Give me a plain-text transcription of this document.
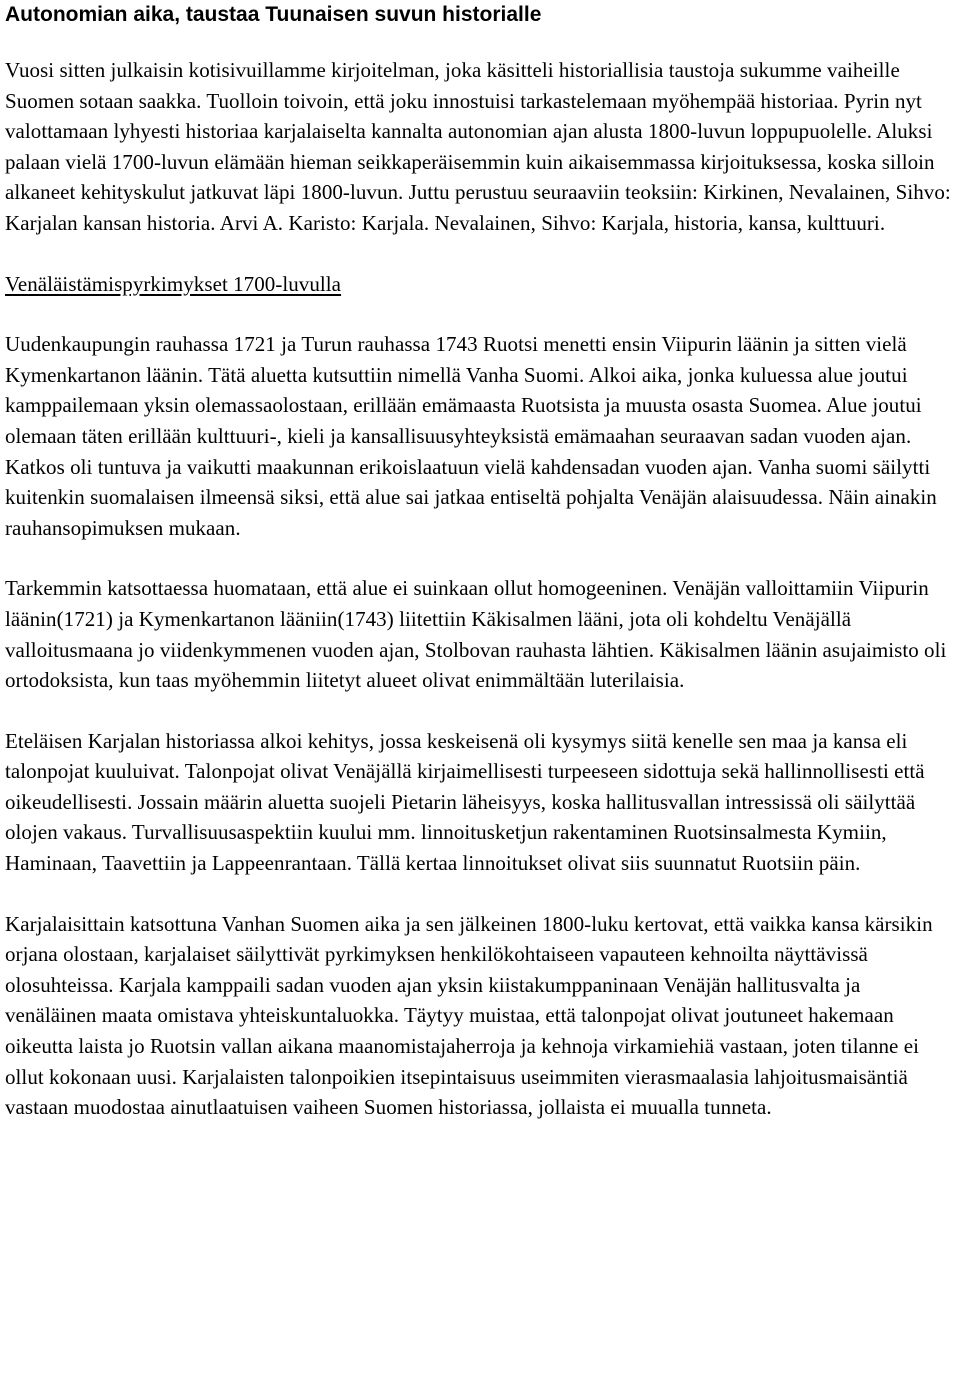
Autonomian aika, taustaa Tuunaisen suvun historialle

Vuosi sitten julkaisin kotisivuillamme kirjoitelman, joka käsitteli historiallisia taustoja sukumme vaiheille Suomen sotaan saakka. Tuolloin toivoin, että joku innostuisi tarkastelemaan myöhempää historiaa. Pyrin nyt valottamaan lyhyesti historiaa karjalaiselta kannalta autonomian ajan alusta 1800-luvun loppupuolelle. Aluksi palaan vielä 1700-luvun elämään hieman seikkaperäisemmin kuin aikaisemmassa kirjoituksessa, koska silloin alkaneet kehityskulut jatkuvat läpi 1800-luvun. Juttu perustuu seuraaviin teoksiin: Kirkinen, Nevalainen, Sihvo: Karjalan kansan historia. Arvi A. Karisto: Karjala. Nevalainen, Sihvo: Karjala, historia, kansa, kulttuuri.

Venäläistämispyrkimykset 1700-luvulla

Uudenkaupungin rauhassa 1721 ja Turun rauhassa 1743 Ruotsi menetti ensin Viipurin läänin ja sitten vielä Kymenkartanon läänin. Tätä aluetta kutsuttiin nimellä Vanha Suomi. Alkoi aika, jonka kuluessa alue joutui kamppailemaan yksin olemassaolostaan, erillään emämaasta Ruotsista ja muusta osasta Suomea. Alue joutui olemaan täten erillään kulttuuri-, kieli ja kansallisuusyhteyksistä emämaahan seuraavan sadan vuoden ajan. Katkos oli tuntuva ja vaikutti maakunnan erikoislaatuun vielä kahdensadan vuoden ajan. Vanha suomi säilytti kuitenkin suomalaisen ilmeensä siksi, että alue sai jatkaa entiseltä pohjalta Venäjän alaisuudessa. Näin ainakin rauhansopimuksen mukaan.

Tarkemmin katsottaessa huomataan, että alue ei suinkaan ollut homogeeninen. Venäjän valloittamiin Viipurin läänin(1721) ja Kymenkartanon lääniin(1743) liitettiin Käkisalmen lääni, jota oli kohdeltu Venäjällä valloitusmaana jo viidenkymmenen vuoden ajan, Stolbovan rauhasta lähtien. Käkisalmen läänin asujaimisto oli ortodoksista, kun taas myöhemmin liitetyt alueet olivat enimmältään luterilaisia.

Eteläisen Karjalan historiassa alkoi kehitys, jossa keskeisenä oli kysymys siitä kenelle sen maa ja kansa eli talonpojat kuuluivat. Talonpojat olivat Venäjällä kirjaimellisesti turpeeseen sidottuja sekä hallinnollisesti että oikeudellisesti. Jossain määrin aluetta suojeli Pietarin läheisyys, koska hallitusvallan intressissä oli säilyttää olojen vakaus. Turvallisuusaspektiin kuului mm. linnoitusketjun rakentaminen Ruotsinsalmesta Kymiin, Haminaan, Taavettiin ja Lappeenrantaan. Tällä kertaa linnoitukset olivat siis suunnatut Ruotsiin päin.

Karjalaisittain katsottuna Vanhan Suomen aika ja sen jälkeinen 1800-luku kertovat, että vaikka kansa kärsikin orjana olostaan, karjalaiset säilyttivät pyrkimyksen henkilökohtaiseen vapauteen kehnoilta näyttävissä olosuhteissa. Karjala kamppaili sadan vuoden ajan yksin kiistakumppaninaan Venäjän hallitusvalta ja venäläinen maata omistava yhteiskuntaluokka. Täytyy muistaa, että talonpojat olivat joutuneet hakemaan oikeutta laista jo Ruotsin vallan aikana maanomistajaherroja ja kehnoja virkamiehiä vastaan, joten tilanne ei ollut kokonaan uusi. Karjalaisten talonpoikien itsepintaisuus useimmiten vierasmaalasia lahjoitusmaisäntiä vastaan muodostaa ainutlaatuisen vaiheen Suomen historiassa, jollaista ei muualla tunneta.
